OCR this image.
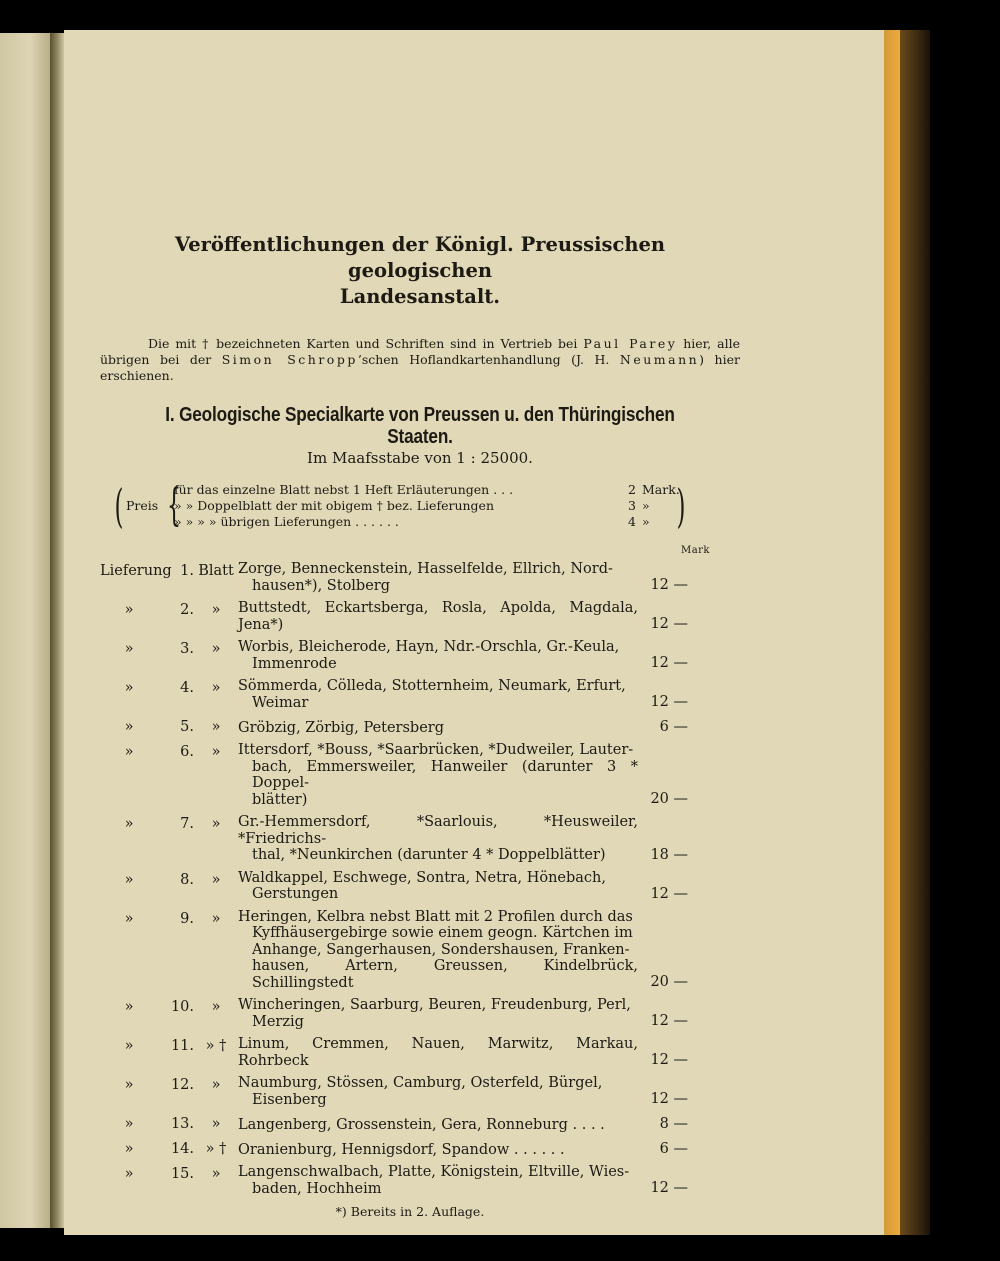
Veröffentlichungen der Königl. Preussischen geologischen
Landesanstalt.

Die mit † bezeichneten Karten und Schriften sind in Vertrieb bei Paul Parey hier, alle übrigen bei der Simon Schropp’schen Hoflandkartenhandlung (J. H. Neumann) hier erschienen.

I. Geologische Specialkarte von Preussen u. den Thüringischen Staaten.
Im Maafsstabe von 1 : 25000.
( Preis {
für das einzelne Blatt nebst 1 Heft Erläuterungen . . .	2 Mark.
» » Doppelblatt der mit obigem † bez. Lieferungen	3 »
» » » » übrigen Lieferungen . . . . . .	4 » )
Mark
Lieferung 1. Blatt Zorge, Benneckenstein, Hasselfelde, Ellrich, Nord-
hausen*), Stolberg	12 —
»	2.	»	Buttstedt, Eckartsberga, Rosla, Apolda, Magdala, Jena*)	12 —
»	3.	»	Worbis, Bleicherode, Hayn, Ndr.-Orschla, Gr.-Keula,
Immenrode	12 —
»	4.	»	Sömmerda, Cölleda, Stotternheim, Neumark, Erfurt,
Weimar	12 —
»	5.	»	Gröbzig, Zörbig, Petersberg	6 —
»	6.	»	Ittersdorf, *Bouss, *Saarbrücken, *Dudweiler, Lauter-
bach, Emmersweiler, Hanweiler (darunter 3 * Doppel-
blätter)	20 —
»	7.	»	Gr.-Hemmersdorf, *Saarlouis, *Heusweiler, *Friedrichs-
thal, *Neunkirchen (darunter 4 * Doppelblätter)	18 —
»	8.	»	Waldkappel, Eschwege, Sontra, Netra, Hönebach,
Gerstungen	12 —
»	9.	»	Heringen, Kelbra nebst Blatt mit 2 Profilen durch das
Kyffhäusergebirge sowie einem geogn. Kärtchen im
Anhange, Sangerhausen, Sondershausen, Franken-
hausen, Artern, Greussen, Kindelbrück, Schillingstedt	20 —
»	10.	»	Wincheringen, Saarburg, Beuren, Freudenburg, Perl,
Merzig	12 —
»	11. » † Linum, Cremmen, Nauen, Marwitz, Markau, Rohrbeck	12 —
»	12.	»	Naumburg, Stössen, Camburg, Osterfeld, Bürgel,
Eisenberg	12 —
»	13.	»	Langenberg, Grossenstein, Gera, Ronneburg . . . .	8 —
»	14. » † Oranienburg, Hennigsdorf, Spandow . . . . . .	6 —
»	15.	»	Langenschwalbach, Platte, Königstein, Eltville, Wies-
baden, Hochheim	12 —
*) Bereits in 2. Auflage.
